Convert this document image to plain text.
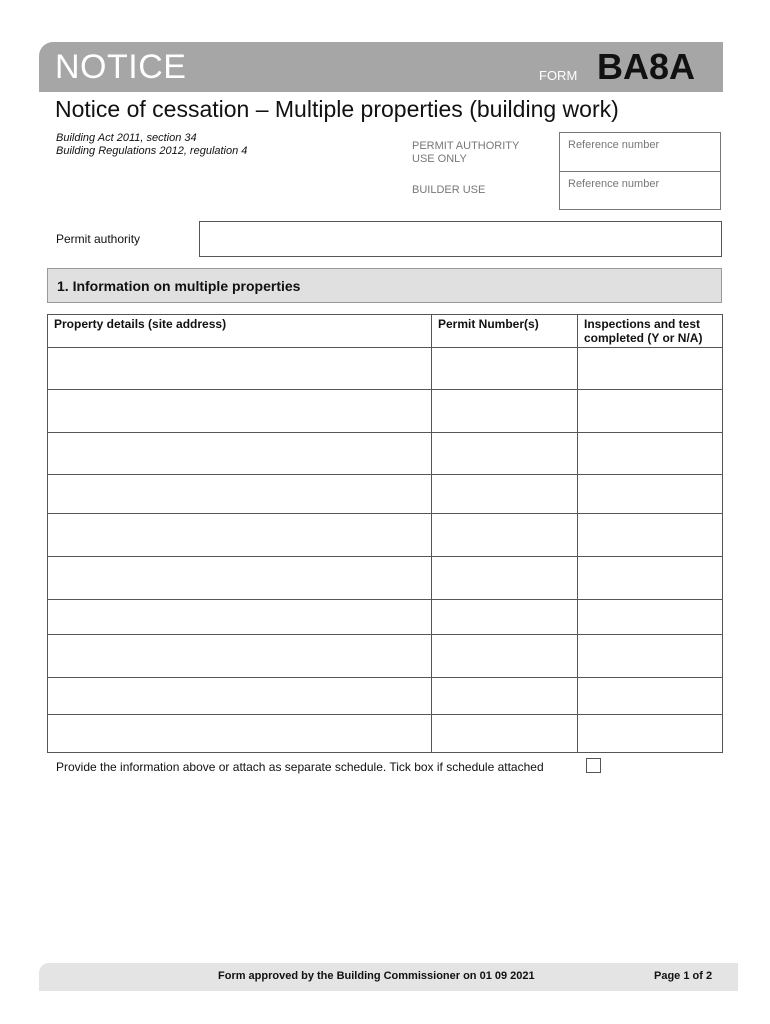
NOTICE	FORM BA8A
Notice of cessation – Multiple properties (building work)
Building Act 2011, section 34
Building Regulations 2012, regulation 4	PERMIT AUTHORITY
USE ONLY
BUILDER USE
Reference number
Reference number
Permit authority
1. Information on multiple properties
Property details (site address)	Permit Number(s)	Inspections and test completed (Y or N/A)

Provide the information above or attach as separate schedule. Tick box if schedule attached
Form approved by the Building Commissioner on 01 09 2021	Page 1 of 2
